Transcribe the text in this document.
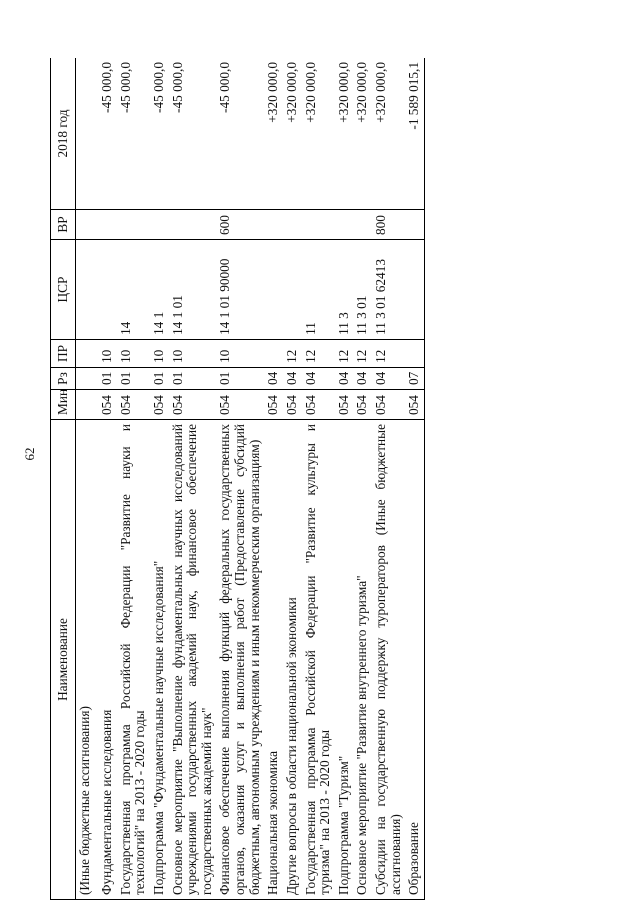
62
Наименование	Мин	Рз	ПР	ЦСР	ВР	2018 год
(Иные бюджетные ассигнования)						
Фундаментальные исследования	054	01	10			-45 000,0
Государственная программа Российской Федерации "Развитие науки и технологий" на 2013 - 2020 годы	054	01	10	14		-45 000,0
Подпрограмма "Фундаментальные научные исследования"	054	01	10	14 1		-45 000,0
Основное мероприятие "Выполнение фундаментальных научных исследований учреждениями государственных академий наук, финансовое обеспечение государственных академий наук"	054	01	10	14 1 01		-45 000,0
Финансовое обеспечение выполнения функций федеральных государственных органов, оказания услуг и выполнения работ (Предоставление субсидий бюджетным, автономным учреждениям и иным некоммерческим организациям)	054	01	10	14 1 01 90000	600	-45 000,0
Национальная экономика	054	04				+320 000,0
Другие вопросы в области национальной экономики	054	04	12			+320 000,0
Государственная программа Российской Федерации "Развитие культуры и туризма" на 2013 - 2020 годы	054	04	12	11		+320 000,0
Подпрограмма "Туризм"	054	04	12	11 3		+320 000,0
Основное мероприятие "Развитие внутреннего туризма"	054	04	12	11 3 01		+320 000,0
Субсидии на государственную поддержку туроператоров (Иные бюджетные ассигнования)	054	04	12	11 3 01 62413	800	+320 000,0
Образование	054	07				-1 589 015,1
